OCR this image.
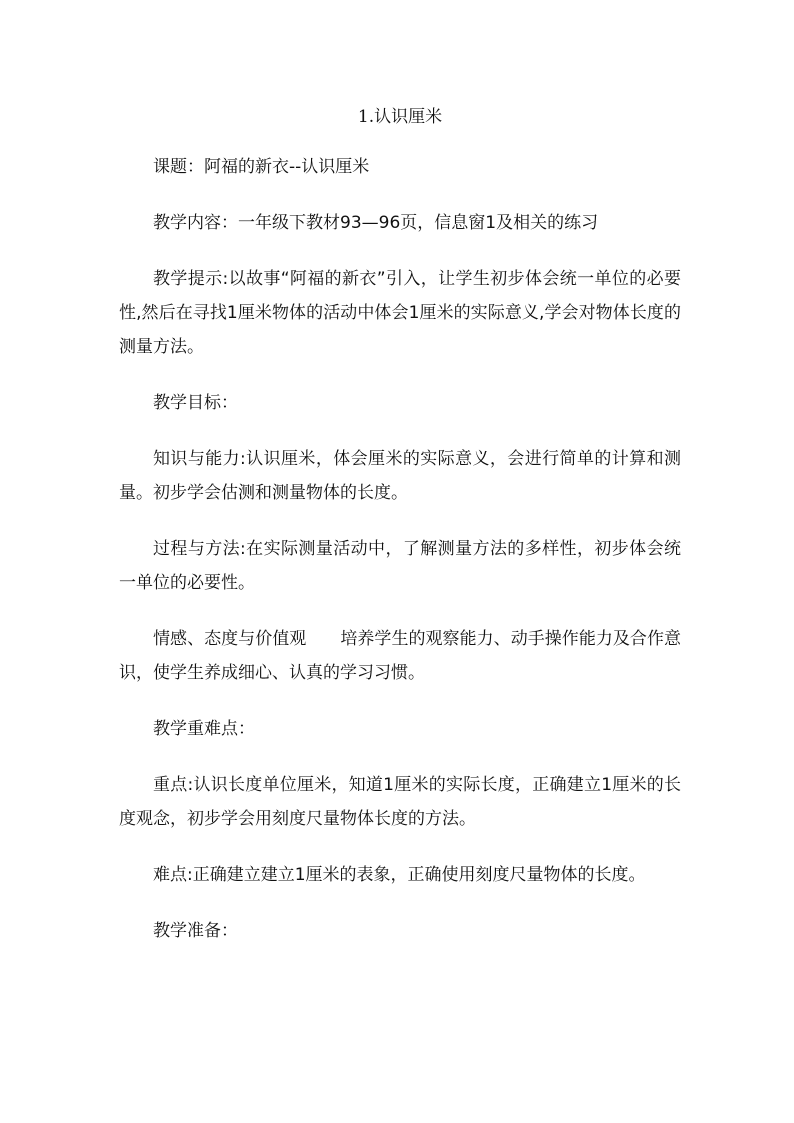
1.认识厘米
课题：阿福的新衣--认识厘米
教学内容：一年级下教材93—96页，信息窗1及相关的练习
教学提示:以故事“阿福的新衣”引入，让学生初步体会统一单位的必要性,然后在寻找1厘米物体的活动中体会1厘米的实际意义,学会对物体长度的测量方法。
教学目标：
知识与能力:认识厘米，体会厘米的实际意义，会进行简单的计算和测量。初步学会估测和测量物体的长度。
过程与方法:在实际测量活动中，了解测量方法的多样性，初步体会统一单位的必要性。
情感、态度与价值观 培养学生的观察能力、动手操作能力及合作意识，使学生养成细心、认真的学习习惯。
教学重难点：
重点:认识长度单位厘米，知道1厘米的实际长度，正确建立1厘米的长度观念，初步学会用刻度尺量物体长度的方法。
难点:正确建立建立1厘米的表象，正确使用刻度尺量物体的长度。
教学准备：
